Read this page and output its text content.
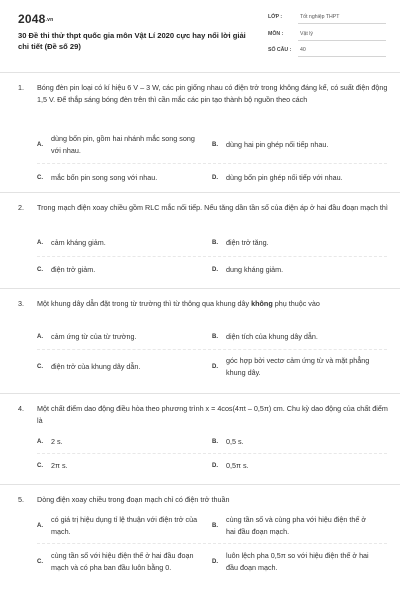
2048.vn
30 Đề thi thử thpt quốc gia môn Vật Lí 2020 cực hay nổi lời giải chi tiết (Đề số 29)
LỚP :	Tốt nghiệp THPT
MÔN :	Vật lý
SỐ CÂU :	40
1.	Bóng đèn pin loại có kí hiệu 6 V – 3 W, các pin giống nhau có điện trở trong không đáng kể, có suất điện động 1,5 V. Để thắp sáng bóng đèn trên thì cần mắc các pin tạo thành bộ nguồn theo cách
A.
dùng bốn pin, gồm hai nhánh mắc song song với nhau.
B.	dùng hai pin ghép nối tiếp nhau.
C.	mắc bốn pin song song với nhau.	D.	dùng bốn pin ghép nối tiếp với nhau.
2.	Trong mạch điện xoay chiều gồm RLC mắc nối tiếp. Nếu tăng dần tần số của điện áp ở hai đầu đoạn mạch thì
A.	cảm kháng giảm.	B.	điện trở tăng.
C.	điện trở giảm.	D.	dung kháng giảm.
3.	Một khung dây dẫn đặt trong từ trường thì từ thông qua khung dây không phụ thuộc vào
A.	cảm ứng từ của từ trường.	B.	diện tích của khung dây dẫn.
C.	điện trở của khung dây dẫn.	D.
góc hợp bởi vectơ cảm ứng từ và mặt phẳng khung dây.
4.	Một chất điểm dao động điều hòa theo phương trình x = 4cos(4πt – 0,5π) cm. Chu kỳ dao động của chất điểm là
A.	2 s.	B.	0,5 s.
C.	2π s.	D.	0,5π s.
5.	Dòng điện xoay chiều trong đoạn mạch chỉ có điện trở thuần
A.
có giá trị hiệu dụng tỉ lệ thuận với điện trở của mạch.
B.
cùng tần số và cùng pha với hiệu điện thế ở hai đầu đoạn mạch.
C.
cùng tần số với hiệu điện thế ở hai đầu đoạn mạch và có pha ban đầu luôn bằng 0.
D.
luôn lệch pha 0,5π so với hiệu điện thế ở hai đầu đoạn mạch.
